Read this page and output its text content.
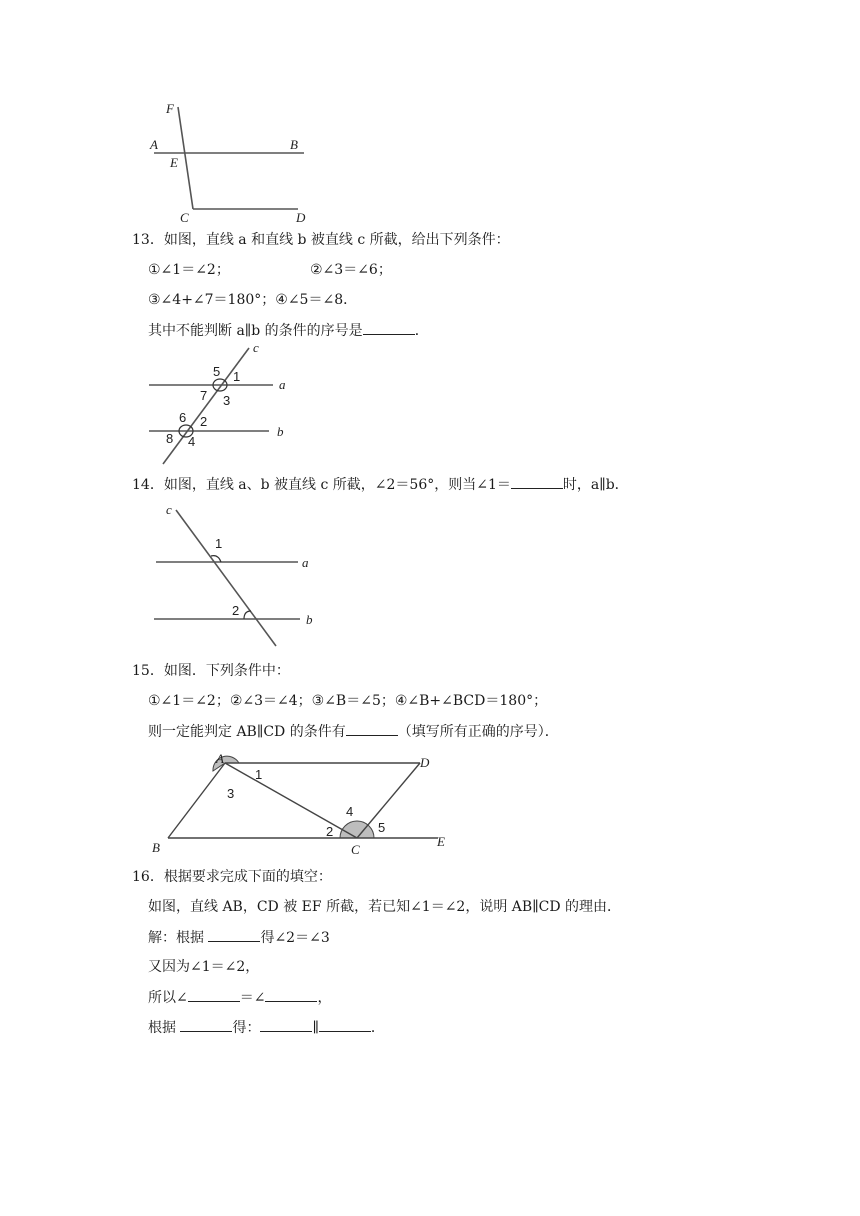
F
A
E
B
C	D
13．如图，直线 a 和直线 b 被直线 c 所截，给出下列条件：
①∠1＝∠2；	②∠3＝∠6；
③∠4+∠7＝180°；④∠5＝∠8．
其中不能判断 a∥b 的条件的序号是	．
c
a
b
5 1
7 3
6 2
8 4
14．如图，直线 a、b 被直线 c 所截，∠2＝56°，则当∠1＝	时，a∥b．
c
a
b
1
2
15．如图．下列条件中：
①∠1＝∠2；②∠3＝∠4；③∠B＝∠5；④∠B+∠BCD＝180°；
则一定能判定 AB∥CD 的条件有	（填写所有正确的序号）．
A	D
B	C
E
1
3
2
4
5
16．根据要求完成下面的填空：
如图，直线 AB，CD 被 EF 所截，若已知∠1＝∠2，说明 AB∥CD 的理由．
解：根据	得∠2＝∠3
又因为∠1＝∠2，
所以∠	＝∠	，
根据	得：	∥	．
